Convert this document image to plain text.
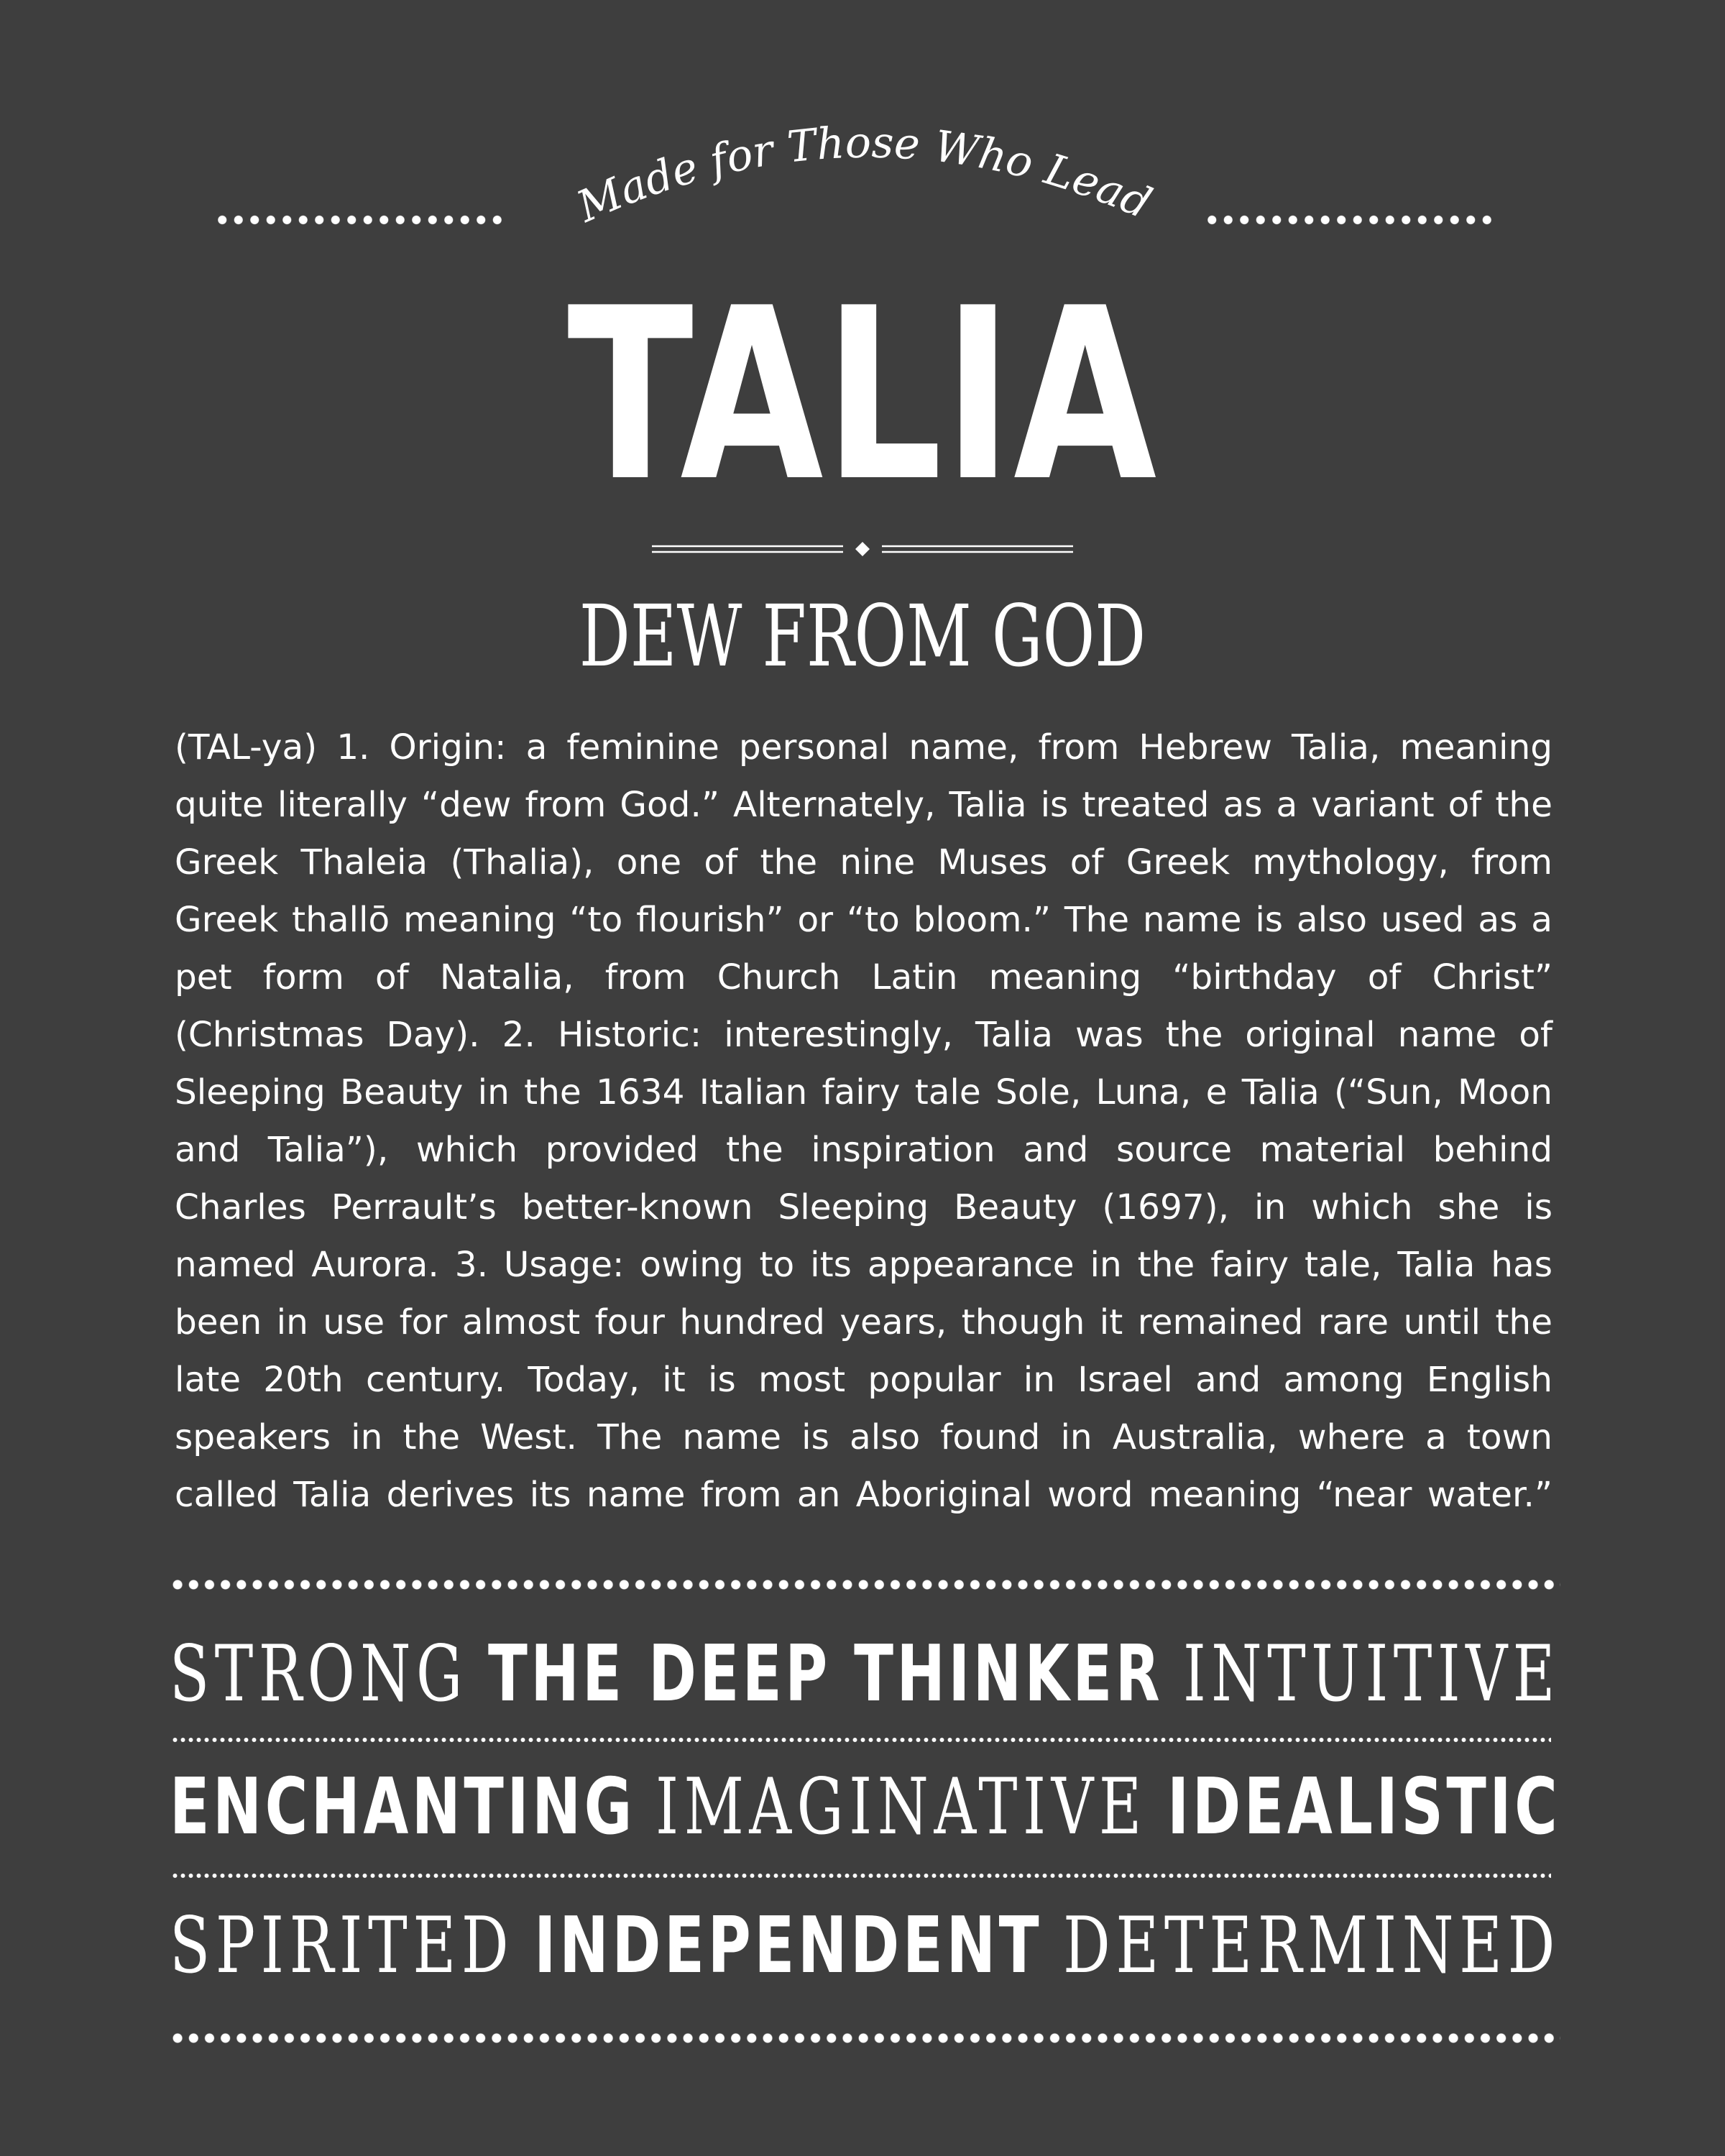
Made for Those Who Lead
TALIA
DEW FROM GOD
(TAL-ya) 1. Origin: a feminine personal name, from Hebrew Talia, meaning
quite literally “dew from God.” Alternately, Talia is treated as a variant of the
Greek Thaleia (Thalia), one of the nine Muses of Greek mythology, from
Greek thallō meaning “to flourish” or “to bloom.” The name is also used as a
pet form of Natalia, from Church Latin meaning “birthday of Christ”
(Christmas Day). 2. Historic: interestingly, Talia was the original name of
Sleeping Beauty in the 1634 Italian fairy tale Sole, Luna, e Talia (“Sun, Moon
and Talia”), which provided the inspiration and source material behind
Charles Perrault’s better-known Sleeping Beauty (1697), in which she is
named Aurora. 3. Usage: owing to its appearance in the fairy tale, Talia has
been in use for almost four hundred years, though it remained rare until the
late 20th century. Today, it is most popular in Israel and among English
speakers in the West. The name is also found in Australia, where a town
called Talia derives its name from an Aboriginal word meaning “near water.”
STRONG THE DEEP THINKER INTUITIVE
ENCHANTING IMAGINATIVE IDEALISTIC
SPIRITED INDEPENDENT DETERMINED
